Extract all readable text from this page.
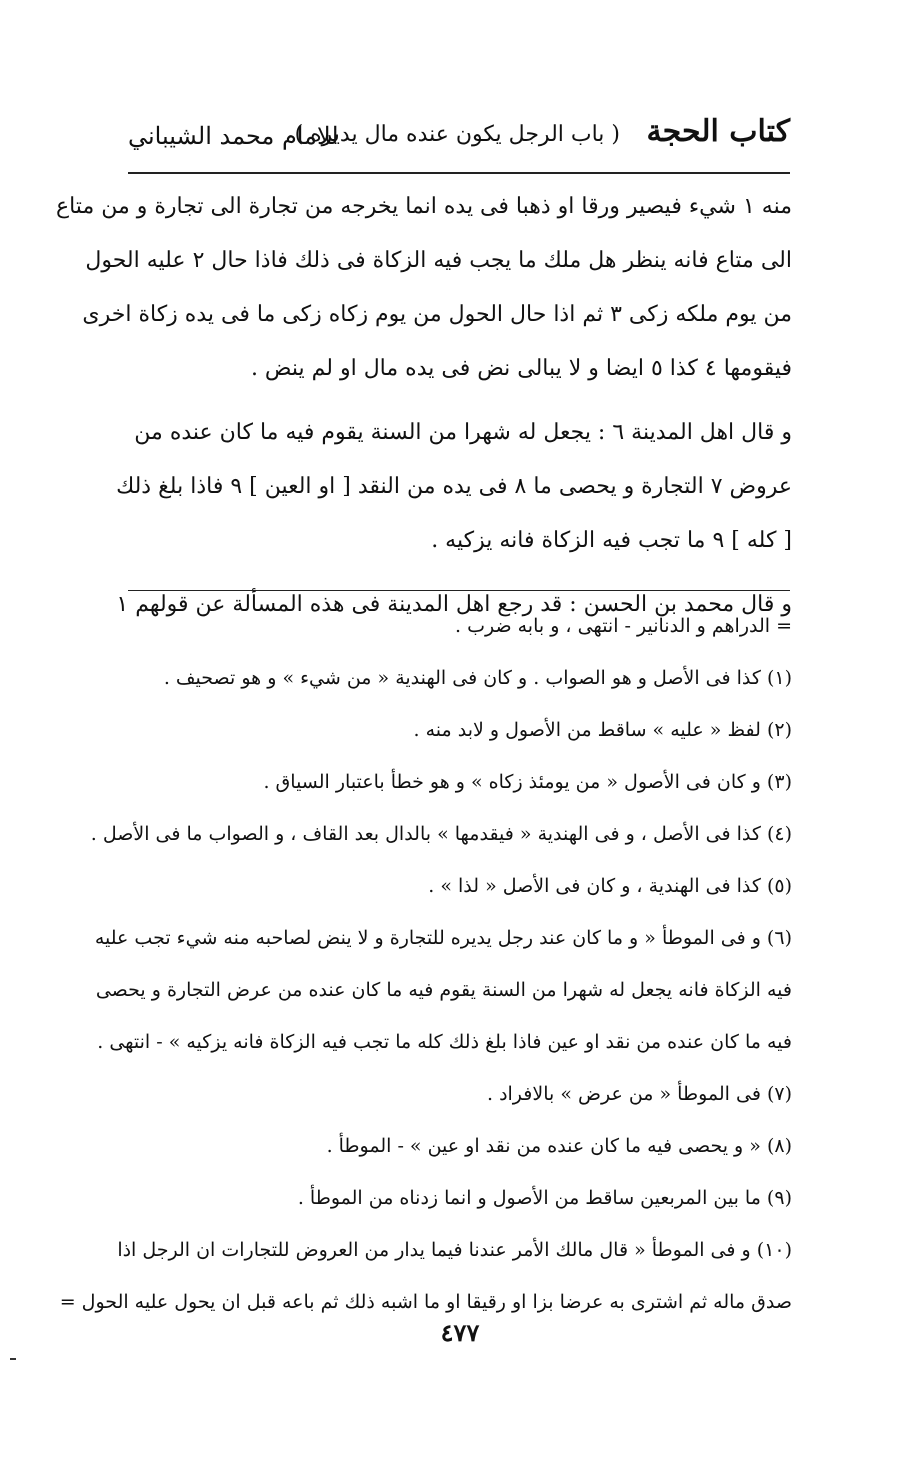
كتاب الحجة
( باب الرجل يكون عنده مال يديره )
للامام محمد الشيباني
منه ١ شيء فيصير ورقا او ذهبا فى يده انما يخرجه من تجارة الى تجارة و من متاع
الى متاع فانه ينظر هل ملك ما يجب فيه الزكاة فى ذلك فاذا حال ٢ عليه الحول
من يوم ملكه زكى ٣ ثم اذا حال الحول من يوم زكاه زكى ما فى يده زكاة اخرى
فيقومها ٤ كذا ٥ ايضا و لا يبالى نض فى يده مال او لم ينض .
و قال اهل المدينة ٦ : يجعل له شهرا من السنة يقوم فيه ما كان عنده من
عروض ٧ التجارة و يحصى ما ٨ فى يده من النقد [ او العين ] ٩ فاذا بلغ ذلك
[ كله ] ٩ ما تجب فيه الزكاة فانه يزكيه .
و قال محمد بن الحسن : قد رجع اهل المدينة فى هذه المسألة عن قولهم ١
= الدراهم و الدنانير - انتهى ، و بابه ضرب .
(١) كذا فى الأصل و هو الصواب . و كان فى الهندية « من شيء » و هو تصحيف .
(٢) لفظ « عليه » ساقط من الأصول و لابد منه .
(٣) و كان فى الأصول « من يومئذ زكاه » و هو خطأ باعتبار السياق .
(٤) كذا فى الأصل ، و فى الهندية « فيقدمها » بالدال بعد القاف ، و الصواب ما فى الأصل .
(٥) كذا فى الهندية ، و كان فى الأصل « لذا » .
(٦) و فى الموطأ « و ما كان عند رجل يديره للتجارة و لا ينض لصاحبه منه شيء تجب عليه
فيه الزكاة فانه يجعل له شهرا من السنة يقوم فيه ما كان عنده من عرض التجارة و يحصى
فيه ما كان عنده من نقد او عين فاذا بلغ ذلك كله ما تجب فيه الزكاة فانه يزكيه » - انتهى .
(٧) فى الموطأ « من عرض » بالافراد .
(٨) « و يحصى فيه ما كان عنده من نقد او عين » - الموطأ .
(٩) ما بين المربعين ساقط من الأصول و انما زدناه من الموطأ .
(١٠) و فى الموطأ « قال مالك الأمر عندنا فيما يدار من العروض للتجارات ان الرجل اذا
صدق ماله ثم اشترى به عرضا بزا او رقيقا او ما اشبه ذلك ثم باعه قبل ان يحول عليه الحول =
٤٧٧
